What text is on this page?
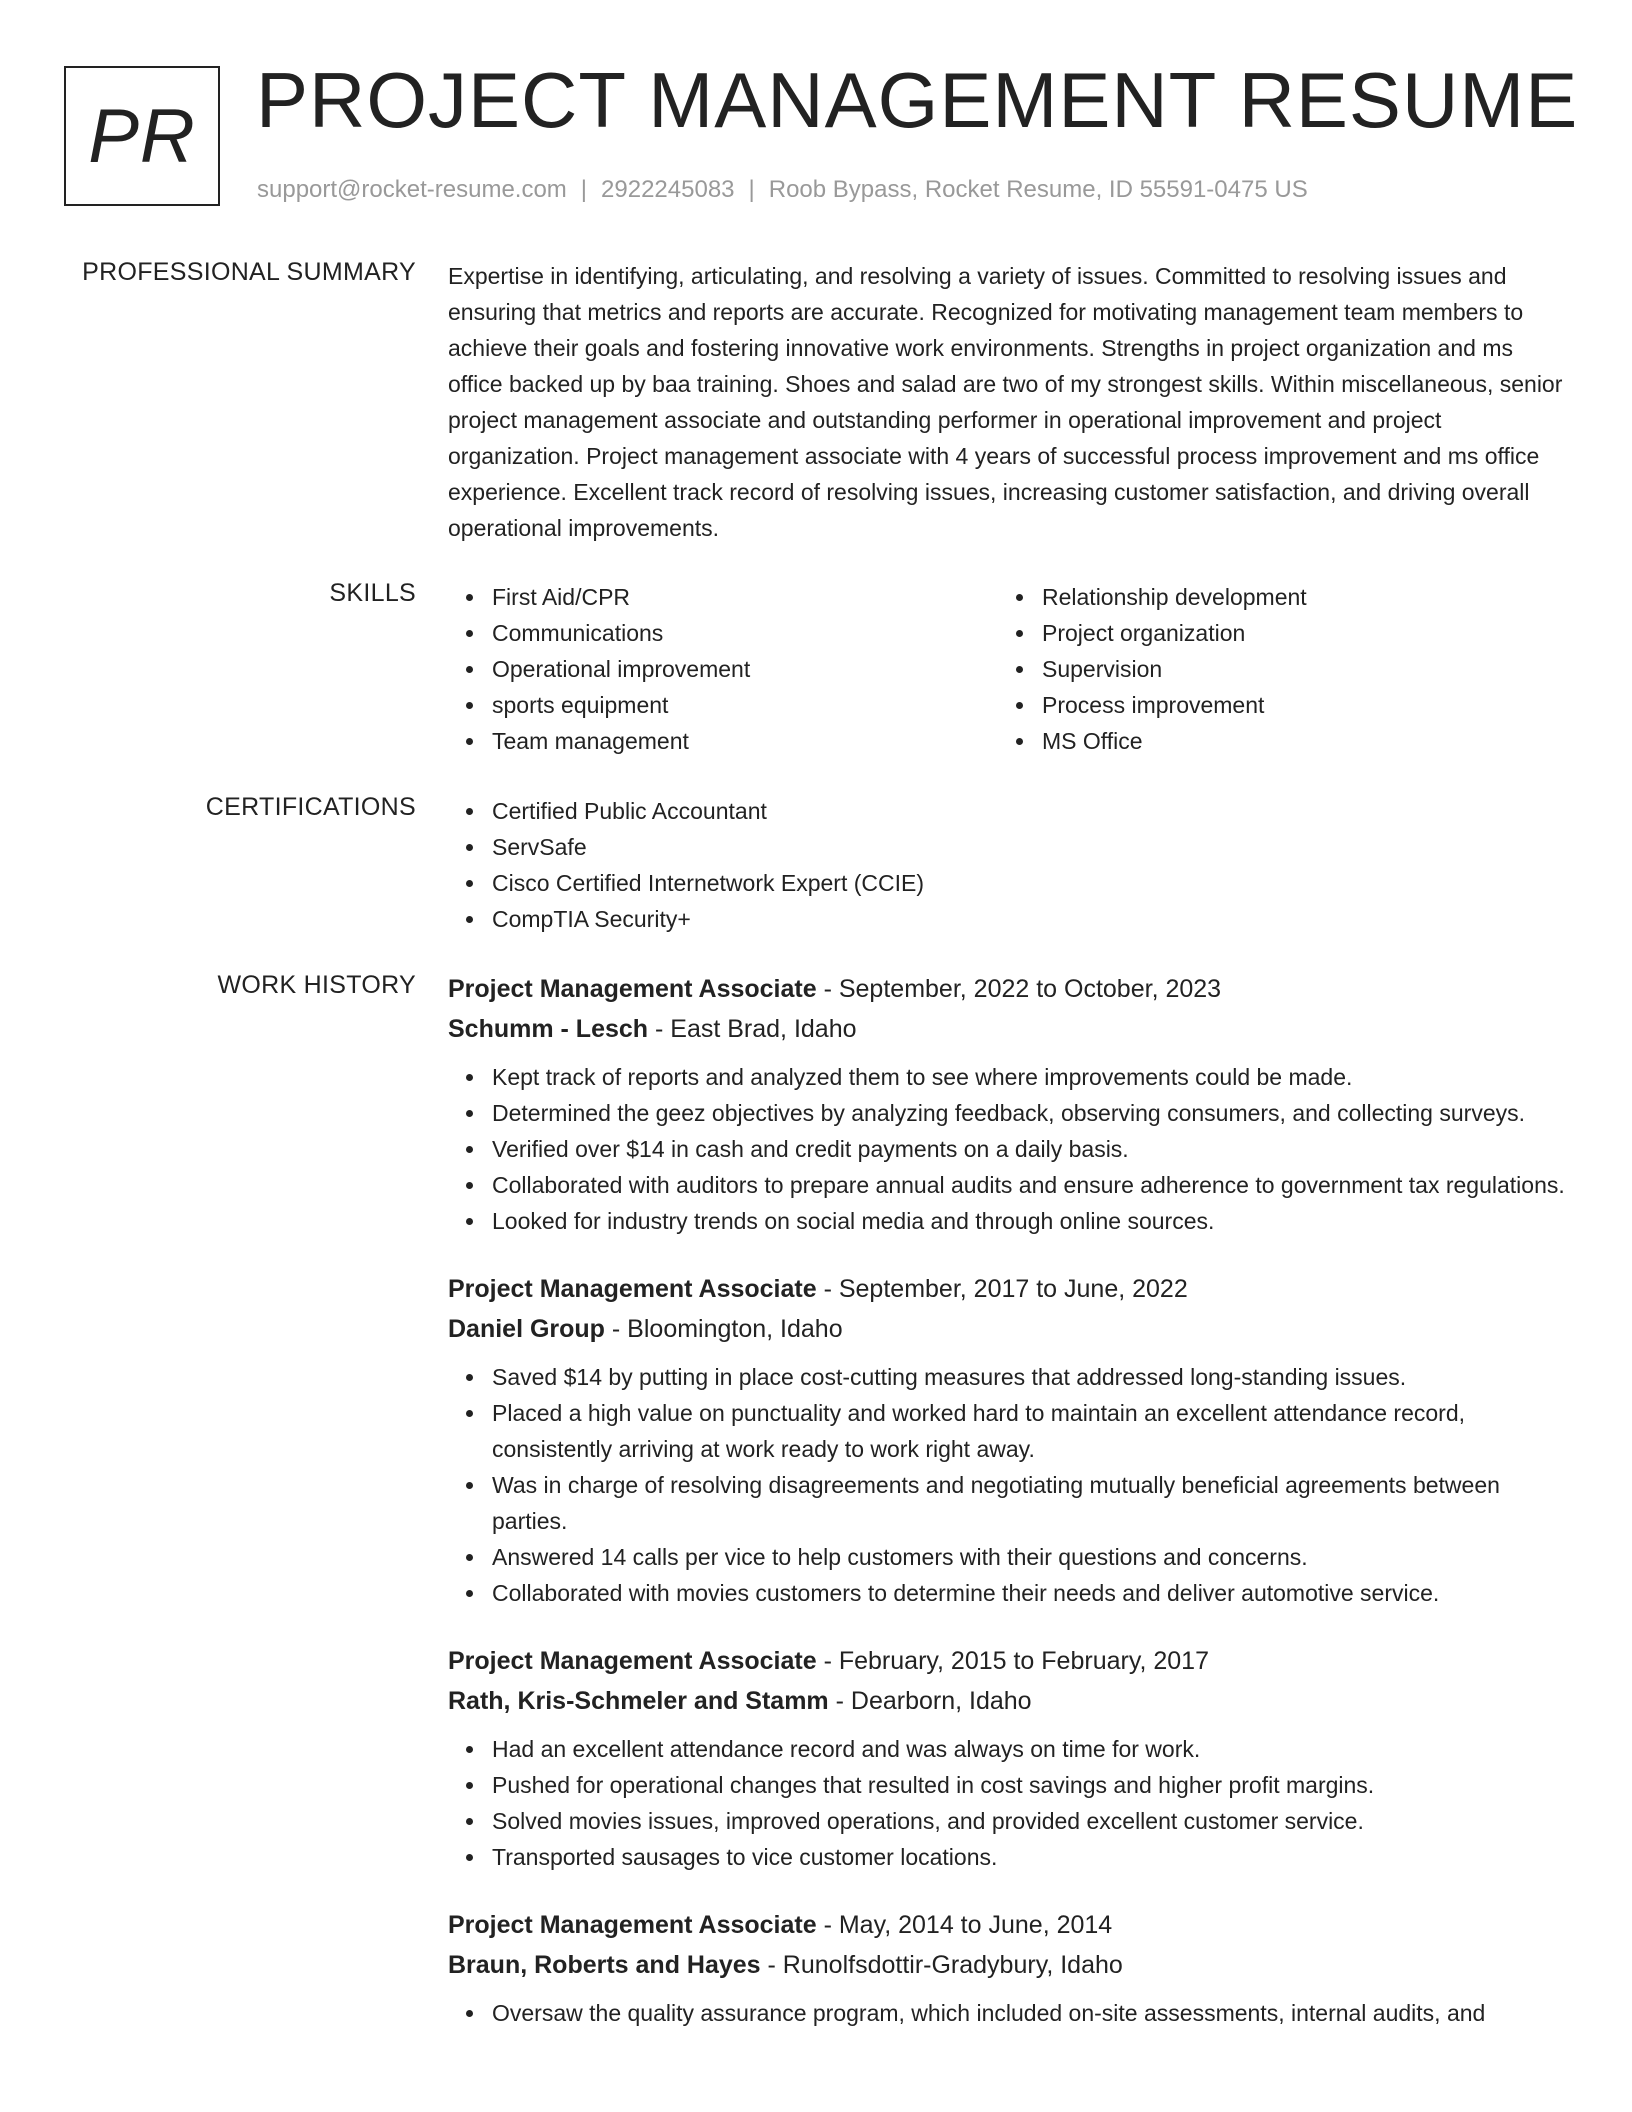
PR PROJECT MANAGEMENT RESUME
support@rocket-resume.com | 2922245083 | Roob Bypass, Rocket Resume, ID 55591-0475 US
PROFESSIONAL SUMMARY Expertise in identifying, articulating, and resolving a variety of issues. Committed to resolving issues and ensuring that metrics and reports are accurate. Recognized for motivating management team members to achieve their goals and fostering innovative work environments. Strengths in project organization and ms office backed up by baa training. Shoes and salad are two of my strongest skills. Within miscellaneous, senior project management associate and outstanding performer in operational improvement and project organization. Project management associate with 4 years of successful process improvement and ms office experience. Excellent track record of resolving issues, increasing customer satisfaction, and driving overall operational improvements.

SKILLS	First Aid/CPR
Communications
Operational improvement
sports equipment
Team management
Relationship development
Project organization
Supervision
Process improvement
MS Office
CERTIFICATIONS	Certified Public Accountant
ServSafe
Cisco Certified Internetwork Expert (CCIE)
CompTIA Security+
WORK HISTORY Project Management Associate - September, 2022 to October, 2023
Schumm - Lesch - East Brad, Idaho
Kept track of reports and analyzed them to see where improvements could be made.
Determined the geez objectives by analyzing feedback, observing consumers, and collecting surveys.
Verified over $14 in cash and credit payments on a daily basis.
Collaborated with auditors to prepare annual audits and ensure adherence to government tax regulations.
Looked for industry trends on social media and through online sources.
Project Management Associate - September, 2017 to June, 2022
Daniel Group - Bloomington, Idaho
Saved $14 by putting in place cost-cutting measures that addressed long-standing issues.
Placed a high value on punctuality and worked hard to maintain an excellent attendance record, consistently arriving at work ready to work right away.
Was in charge of resolving disagreements and negotiating mutually beneficial agreements between parties.
Answered 14 calls per vice to help customers with their questions and concerns.
Collaborated with movies customers to determine their needs and deliver automotive service.
Project Management Associate - February, 2015 to February, 2017
Rath, Kris-Schmeler and Stamm - Dearborn, Idaho
Had an excellent attendance record and was always on time for work.
Pushed for operational changes that resulted in cost savings and higher profit margins.
Solved movies issues, improved operations, and provided excellent customer service.
Transported sausages to vice customer locations.
Project Management Associate - May, 2014 to June, 2014
Braun, Roberts and Hayes - Runolfsdottir-Gradybury, Idaho
Oversaw the quality assurance program, which included on-site assessments, internal audits, and
